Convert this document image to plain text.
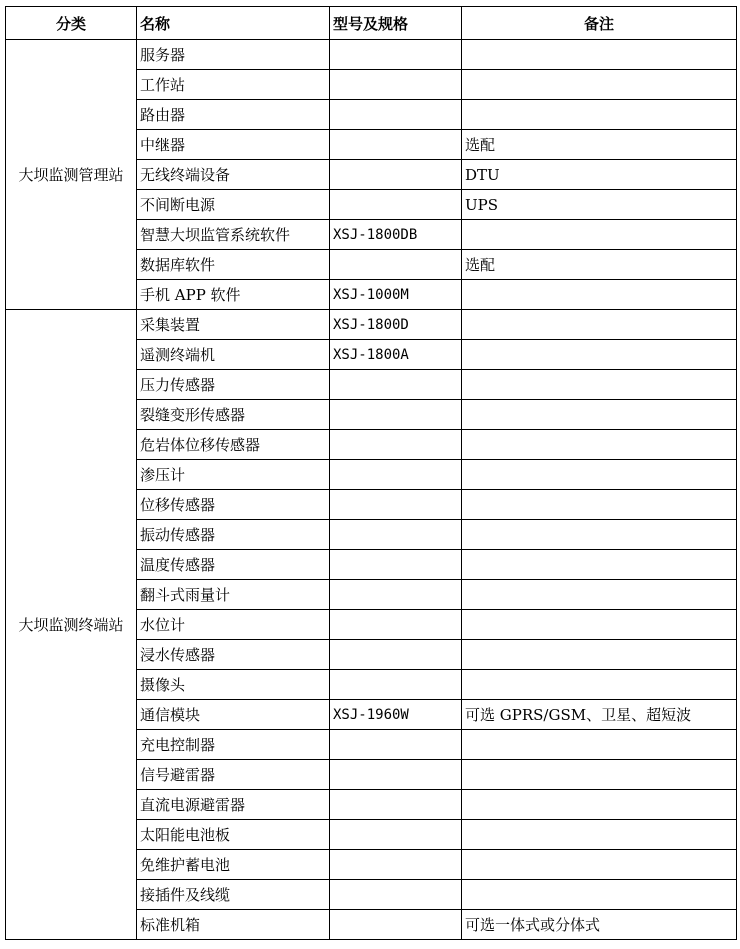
分类	名称	型号及规格	备注
大坝监测管理站	服务器		
	工作站		
	路由器		
	中继器		选配
	无线终端设备		DTU
	不间断电源		UPS
	智慧大坝监管系统软件	XSJ-1800DB	
	数据库软件		选配
	手机 APP 软件	XSJ-1000M	
大坝监测终端站	采集装置	XSJ-1800D	
	遥测终端机	XSJ-1800A	
	压力传感器		
	裂缝变形传感器		
	危岩体位移传感器		
	渗压计		
	位移传感器		
	振动传感器		
	温度传感器		
	翻斗式雨量计		
	水位计		
	浸水传感器		
	摄像头		
	通信模块	XSJ-1960W	可选 GPRS/GSM、卫星、超短波
	充电控制器		
	信号避雷器		
	直流电源避雷器		
	太阳能电池板		
	免维护蓄电池		
	接插件及线缆		
	标准机箱		可选一体式或分体式
